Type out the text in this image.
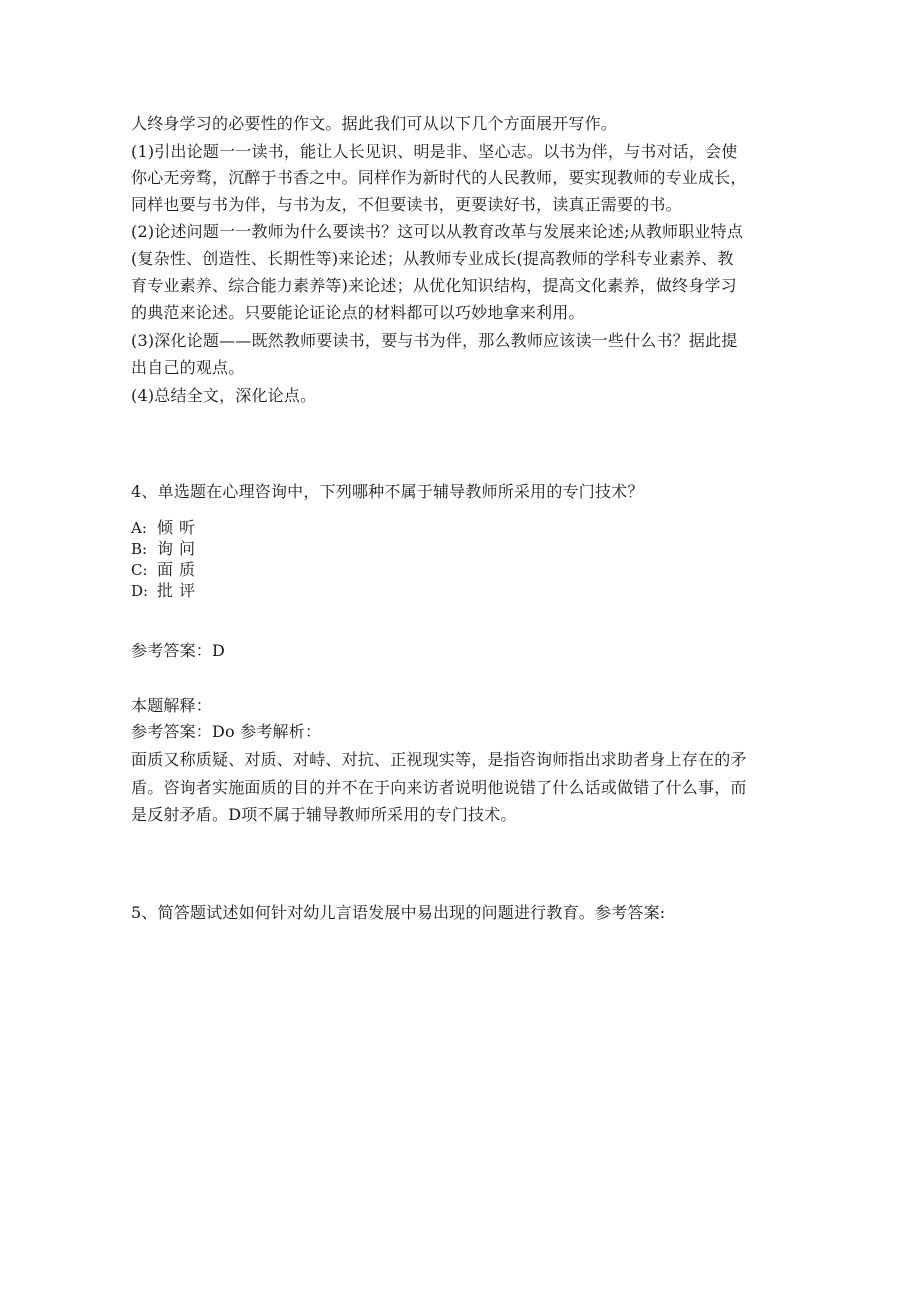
人终身学习的必要性的作文。据此我们可从以下几个方面展开写作。
(1)引出论题一一读书，能让人长见识、明是非、坚心志。以书为伴，与书对话，会使
你心无旁骛，沉醉于书香之中。同样作为新时代的人民教师，要实现教师的专业成长，
同样也要与书为伴，与书为友，不但要读书，更要读好书，读真正需要的书。
(2)论述问题一一教师为什么要读书？这可以从教育改革与发展来论述;从教师职业特点
(复杂性、创造性、长期性等)来论述；从教师专业成长(提高教师的学科专业素养、教
育专业素养、综合能力素养等)来论述；从优化知识结构，提高文化素养，做终身学习
的典范来论述。只要能论证论点的材料都可以巧妙地拿来利用。
(3)深化论题——既然教师要读书，要与书为伴，那么教师应该读一些什么书？据此提
出自己的观点。
(4)总结全文，深化论点。
4、单选题在心理咨询中，下列哪种不属于辅导教师所采用的专门技术？
A: 倾听
B: 询问
C: 面质
D: 批评
参考答案：D
本题解释：
参考答案：Do 参考解析：
面质又称质疑、对质、对峙、对抗、正视现实等，是指咨询师指出求助者身上存在的矛
盾。咨询者实施面质的目的并不在于向来访者说明他说错了什么话或做错了什么事，而
是反射矛盾。D项不属于辅导教师所采用的专门技术。
5、简答题试述如何针对幼儿言语发展中易出现的问题进行教育。参考答案:
